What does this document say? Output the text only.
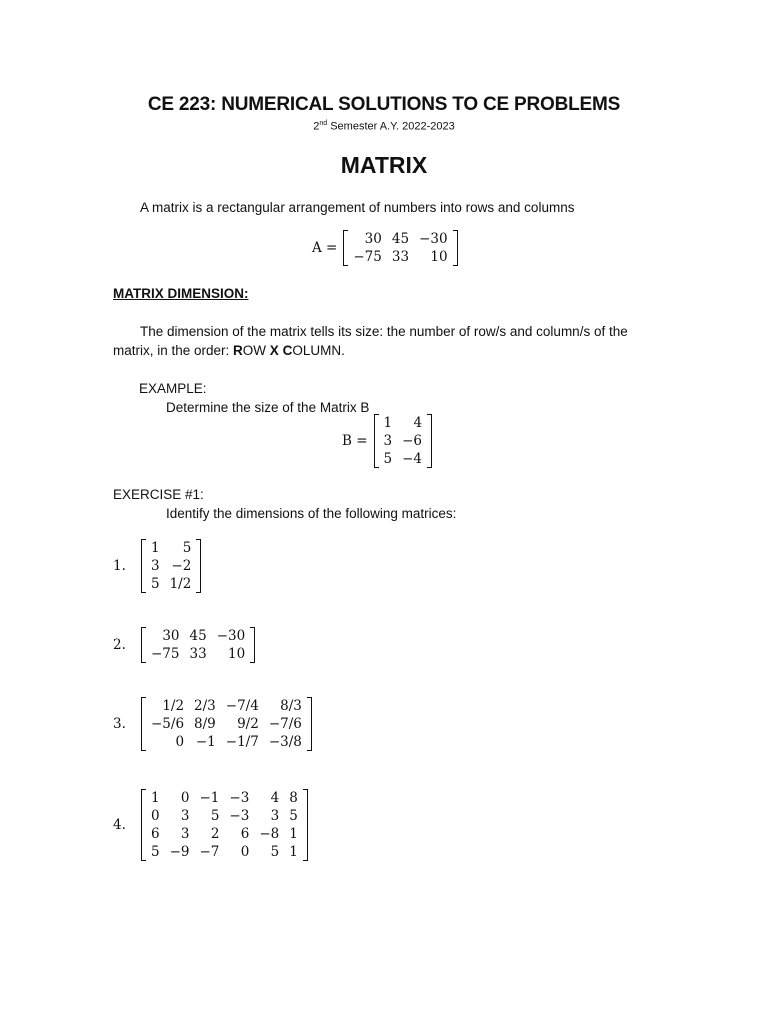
CE 223: NUMERICAL SOLUTIONS TO CE PROBLEMS
2nd Semester A.Y. 2022-2023
MATRIX
A matrix is a rectangular arrangement of numbers into rows and columns
A =
30	45	−30
−75	33	10
MATRIX DIMENSION:
The dimension of the matrix tells its size: the number of row/s and column/s of the
matrix, in the order: ROW X COLUMN.
EXAMPLE:
Determine the size of the Matrix B
B =
1	4
3	−6
5	−4
EXERCISE #1:
Identify the dimensions of the following matrices:
1.
1	5
3	−2
5	1/2
2.
30	45	−30
−75	33	10
3.
1/2	2/3	−7/4	8/3
−5/6	8/9	9/2	−7/6
0	−1	−1/7	−3/8
4.
1	0	−1	−3	4	8
0	3	5	−3	3	5
6	3	2	6	−8	1
5	−9	−7	0	5	1
